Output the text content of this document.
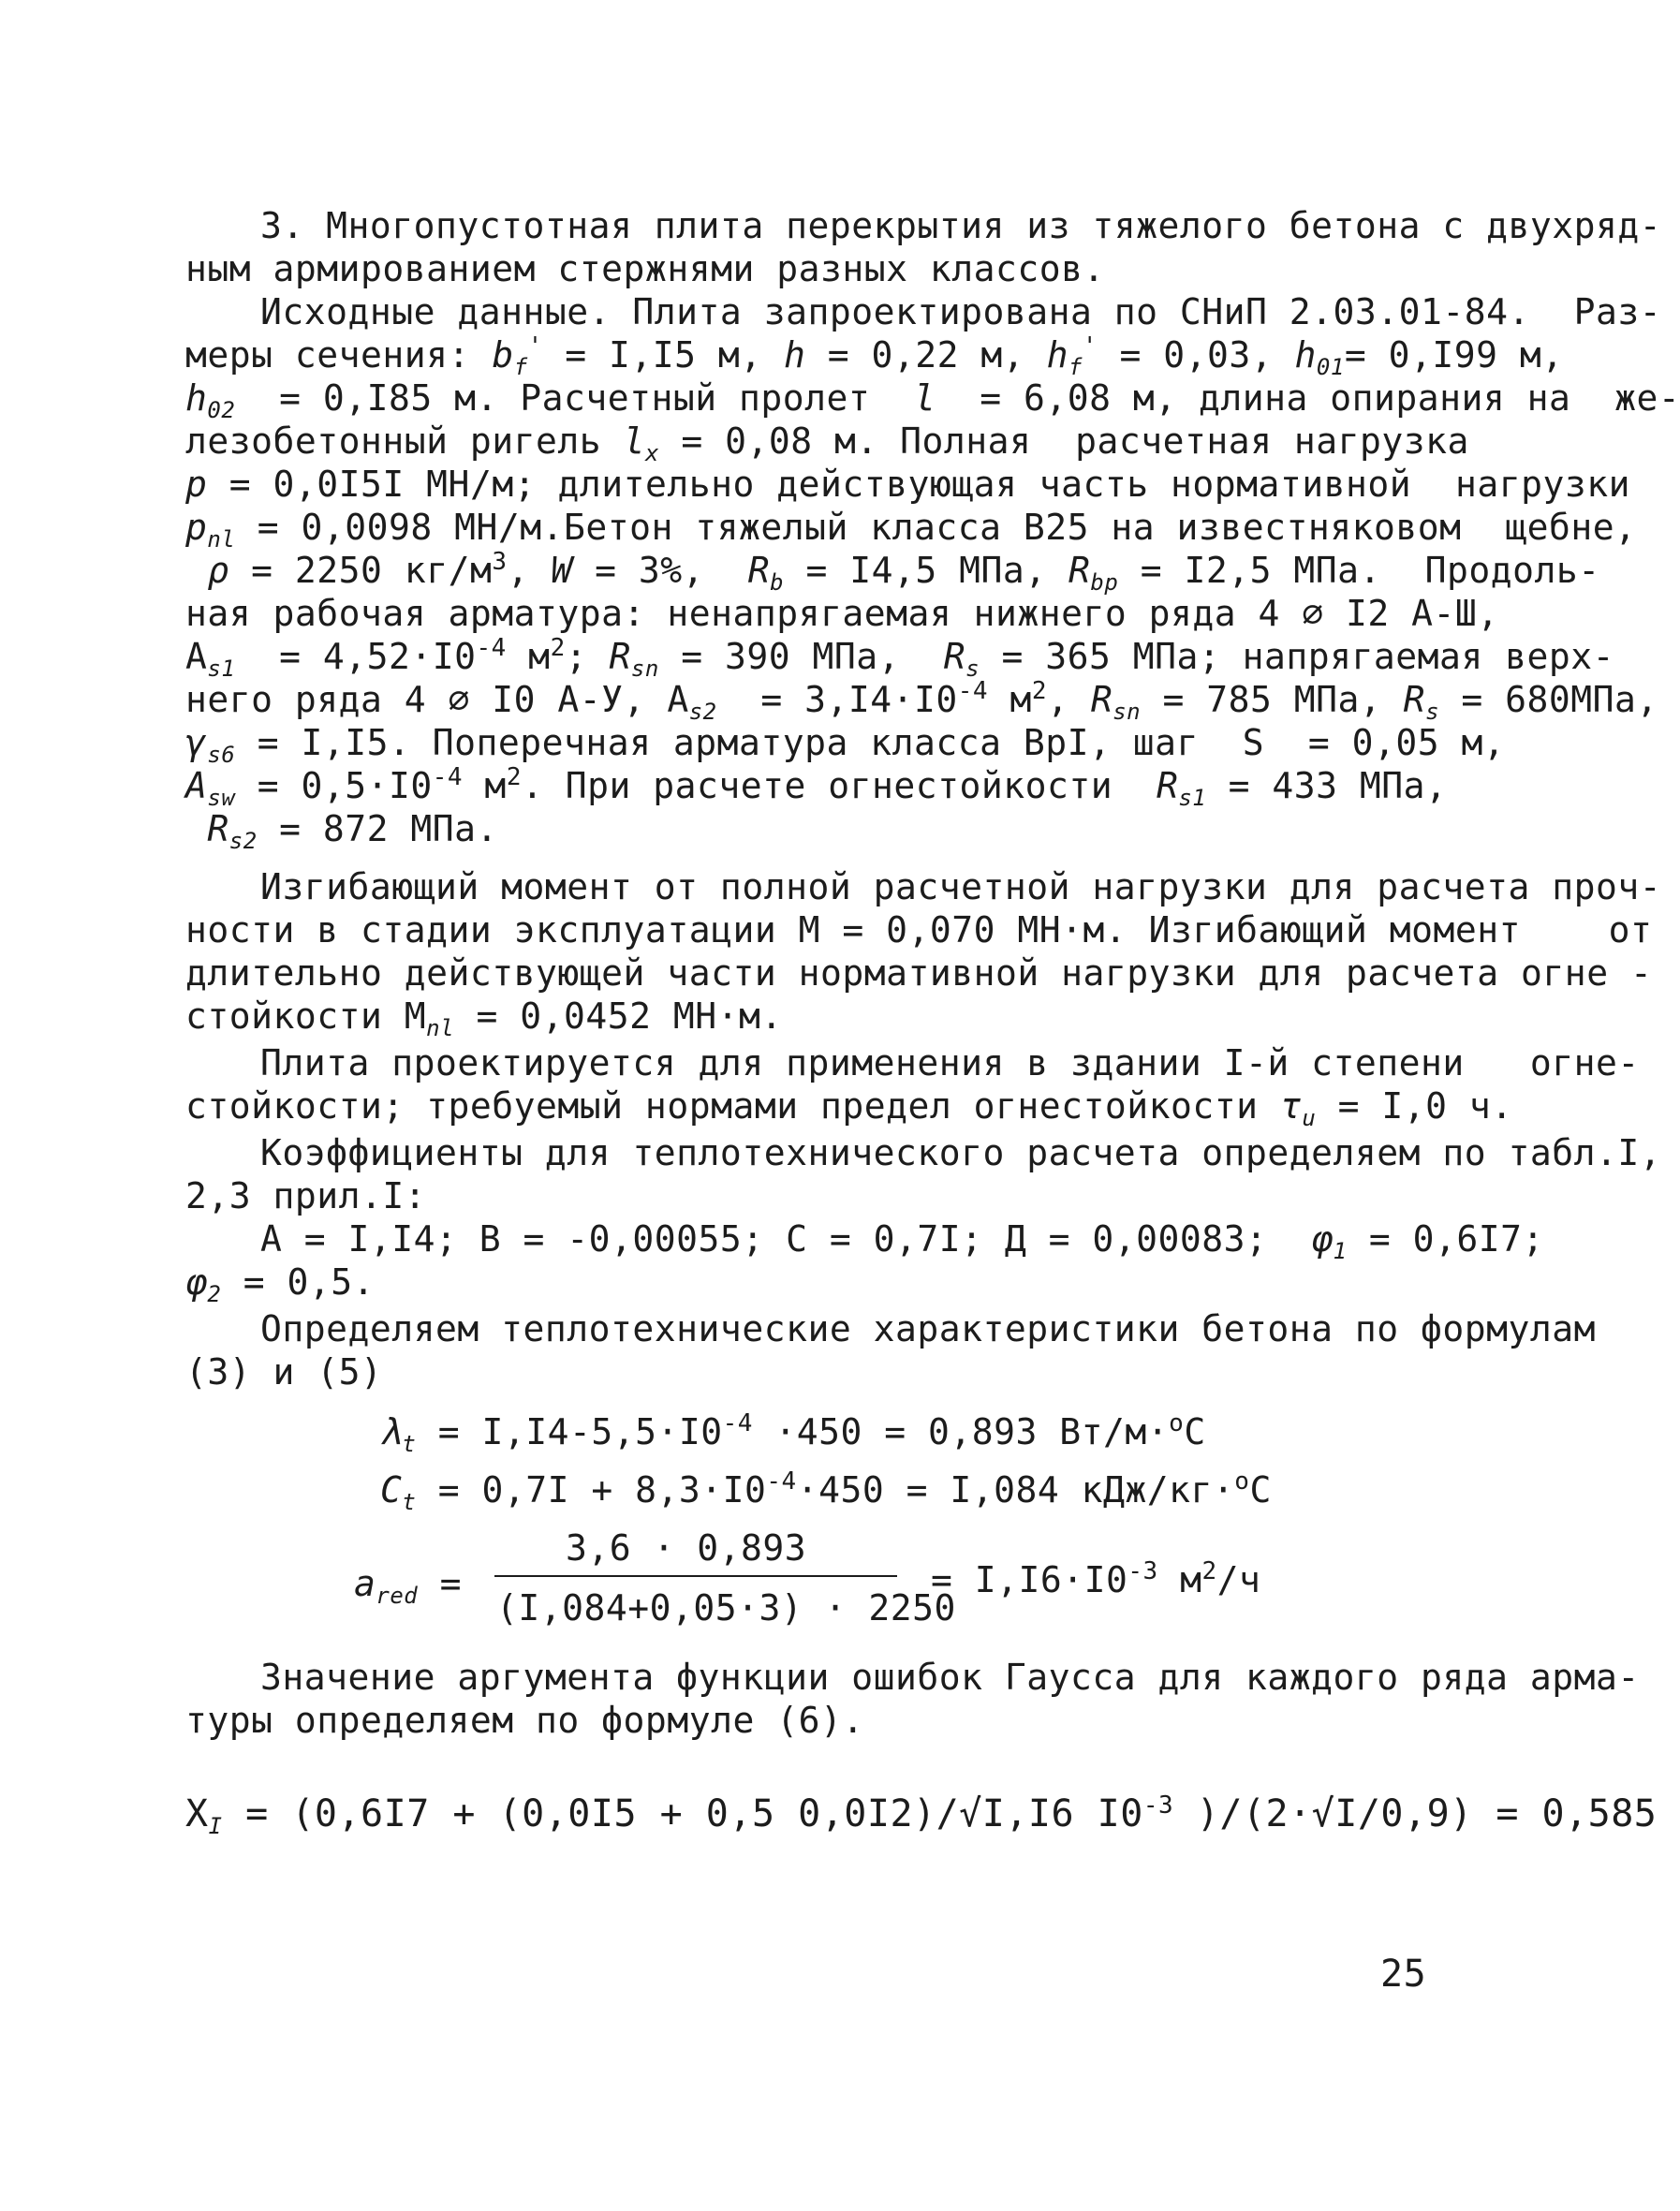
3. Многопустотная плита перекрытия из тяжелого бетона с двухряд-
ным армированием стержнями разных классов.
Исходные данные. Плита запроектирована по СНиП 2.03.01-84.  Раз-
меры сечения: $b_f' = I,I5$ м, h = 0,22 м, $h_f' = 0,03$, $h_{01}= 0,I99$ м,
$h_{02} = 0,I85$ м. Расчетный пролет l = 6,08 м, длина опирания на  же-
лезобетонный ригель $l_x = 0,08$ м. Полная  расчетная нагрузка
p = 0,0I5I МН/м; длительно действующая часть нормативной  нагрузки
$p_{nl} = 0,0098$ МН/м.Бетон тяжелый класса В25 на известняковом  щебне,
ρ = 2250 $кг/м^3$, W = 3%, $R_b = I4,5$ МПа, $R_{bp} = I2,5$ МПа.  Продоль-
ная рабочая арматура: ненапрягаемая нижнего ряда 4 ∅ I2 А-Ш,
$А_{s1} = 4,52\cdot I0^{-4}$ $м^2$; $R_{sn} = 390$ МПа, $R_s = 365$ МПа; напрягаемая верх-
него ряда 4 ∅ I0 А-У, $А_{s2} = 3,I4\cdot I0^{-4}$ $м^2$, $R_{sn} = 785$ МПа, $R_s = 680МПа$,
$\gamma_{s6} = I,I5$. Поперечная арматура класса ВрI, шаг  S  = 0,05 м,
$A_{sw} = 0,5\cdot I0^{-4}$ $м^2$. При расчете огнестойкости $R_{s1} = 433$ МПа,
$R_{s2} = 872$ МПа.
Изгибающий момент от полной расчетной нагрузки для расчета проч-
ности в стадии эксплуатации М = 0,070 МН·м. Изгибающий момент    от
длительно действующей части нормативной нагрузки для расчета огне -
стойкости $М_{nl} = 0,0452$ МН·м.
Плита проектируется для применения в здании I-й степени   огне-
стойкости; требуемый нормами предел огнестойкости $\tau_u = I,0$ ч.
Коэффициенты для теплотехнического расчета определяем по табл.I,
2,3 прил.I:
А = I,I4; В = -0,00055; С = 0,7I; Д = 0,00083; $\varphi_1 = 0,6I7$;
$\varphi_2 = 0,5$.
Определяем теплотехнические характеристики бетона по формулам
(3) и (5)
$\lambda_t = I,I4-5,5\cdot I0^{-4} \cdot 450 = 0,893$ Вт/м·$^o$С
$C_t = 0,7I + 8,3\cdot I0^{-4}\cdot 450 = I,084$ кДж/кг·$^o$С
$a_{red}$ =
3,6 · 0,893
(I,084+0,05·3) · 2250
= $I,I6\cdot I0^{-3}$ $м^2/ч$
Значение аргумента функции ошибок Гаусса для каждого ряда арма-
туры определяем по формуле (6).
$Х_I = (0,6I7 + (0,0I5 + 0,5$ 0,0I2)/√I,I6 $I0^{-3}$ )/(2·√I/0,9) = 0,585
25
